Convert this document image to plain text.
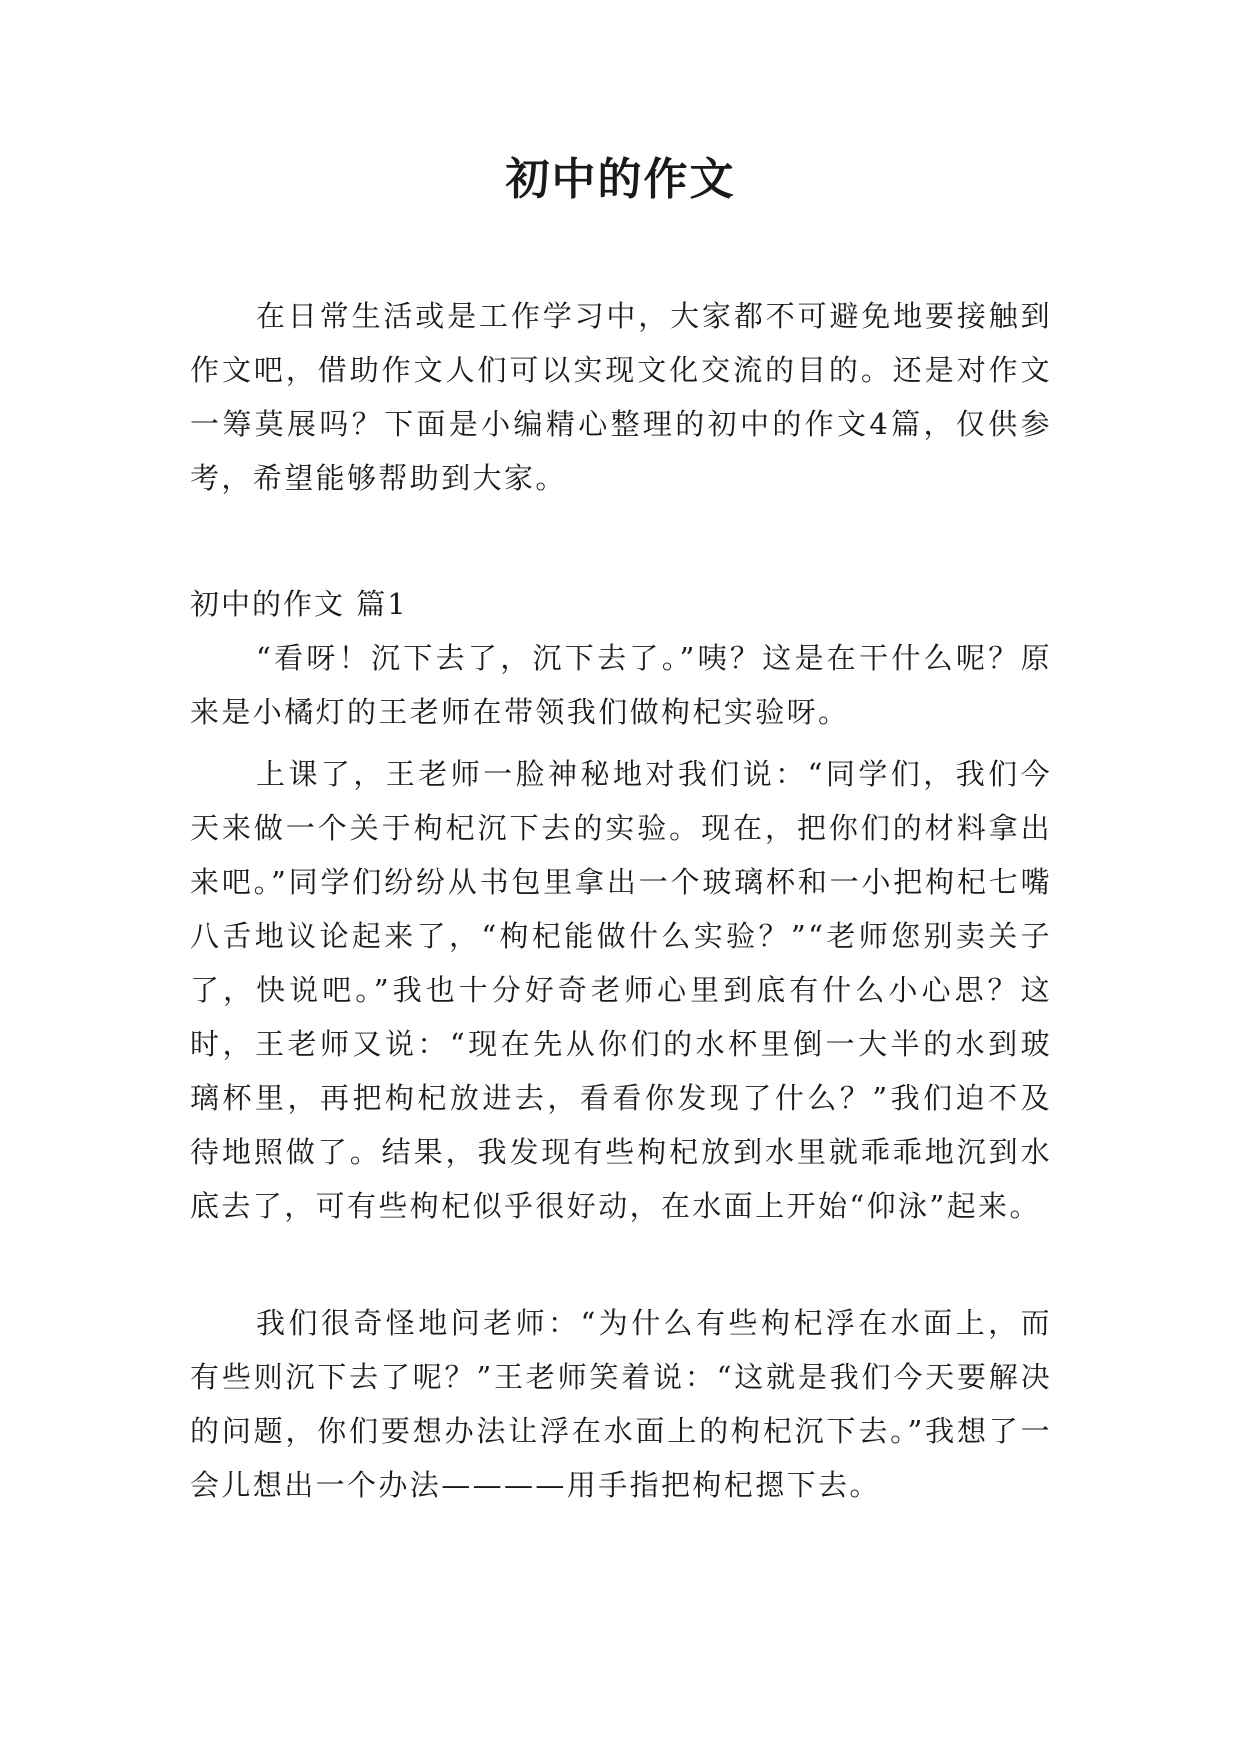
初中的作文

在日常生活或是工作学习中，大家都不可避免地要接触到作文吧，借助作文人们可以实现文化交流的目的。还是对作文一筹莫展吗？下面是小编精心整理的初中的作文4篇，仅供参考，希望能够帮助到大家。

初中的作文 篇1

“看呀！沉下去了，沉下去了。”咦？这是在干什么呢？原来是小橘灯的王老师在带领我们做枸杞实验呀。

上课了，王老师一脸神秘地对我们说：“同学们，我们今天来做一个关于枸杞沉下去的实验。现在，把你们的材料拿出来吧。”同学们纷纷从书包里拿出一个玻璃杯和一小把枸杞七嘴八舌地议论起来了，“枸杞能做什么实验？”“老师您别卖关子了，快说吧。”我也十分好奇老师心里到底有什么小心思？这时，王老师又说：“现在先从你们的水杯里倒一大半的水到玻璃杯里，再把枸杞放进去，看看你发现了什么？”我们迫不及待地照做了。结果，我发现有些枸杞放到水里就乖乖地沉到水底去了，可有些枸杞似乎很好动，在水面上开始“仰泳”起来。

我们很奇怪地问老师：“为什么有些枸杞浮在水面上，而有些则沉下去了呢？”王老师笑着说：“这就是我们今天要解决的问题，你们要想办法让浮在水面上的枸杞沉下去。”我想了一会儿想出一个办法————用手指把枸杞摁下去。
